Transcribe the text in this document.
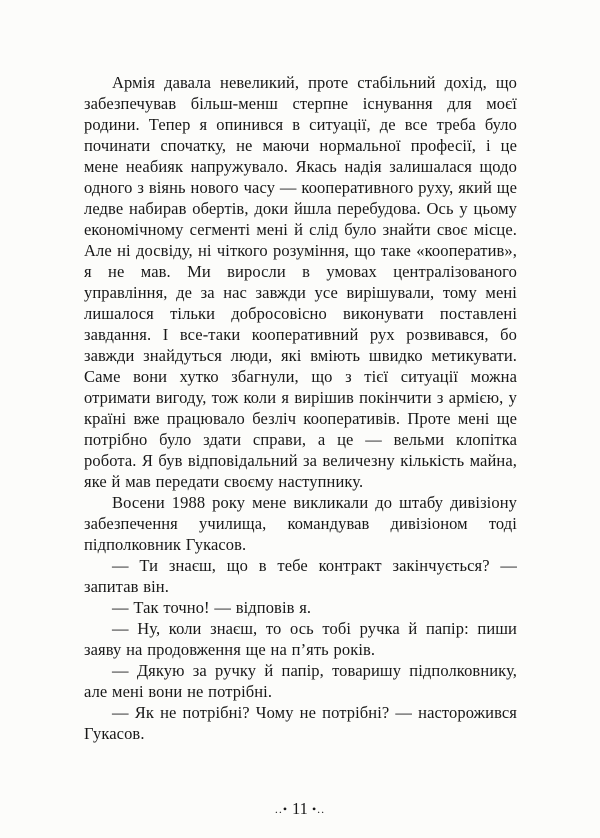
Армія давала невеликий, проте стабільний дохід, що забезпечував більш-менш стерпне існування для моєї родини. Тепер я опинився в ситуації, де все треба було починати спочатку, не маючи нормальної професії, і це мене неабияк напружувало. Якась надія залишалася щодо одного з віянь нового часу — кооперативного руху, який ще ледве набирав обертів, доки йшла перебудова. Ось у цьому економічному сегменті мені й слід було знайти своє місце. Але ні досвіду, ні чіткого розуміння, що таке «кооператив», я не мав. Ми виросли в умовах централізованого управління, де за нас завжди усе вирішували, тому мені лишалося тільки добросовісно виконувати поставлені завдання. І все-таки кооперативний рух розвивався, бо завжди знайдуться люди, які вміють швидко метикувати. Саме вони хутко збагнули, що з тієї ситуації можна отримати вигоду, тож коли я вирішив покінчити з армією, у країні вже працювало безліч кооперативів. Проте мені ще потрібно було здати справи, а це — вельми клопітка робота. Я був відповідальний за величезну кількість майна, яке й мав передати своєму наступнику.

Восени 1988 року мене викликали до штабу дивізіону забезпечення училища, командував дивізіоном тоді підполковник Гукасов.

— Ти знаєш, що в тебе контракт закінчується? — запитав він.

— Так точно! — відповів я.

— Ну, коли знаєш, то ось тобі ручка й папір: пиши заяву на продовження ще на п’ять років.

— Дякую за ручку й папір, товаришу підполковнику, але мені вони не потрібні.

— Як не потрібні? Чому не потрібні? — насторожився Гукасов.

..• 11 •..
